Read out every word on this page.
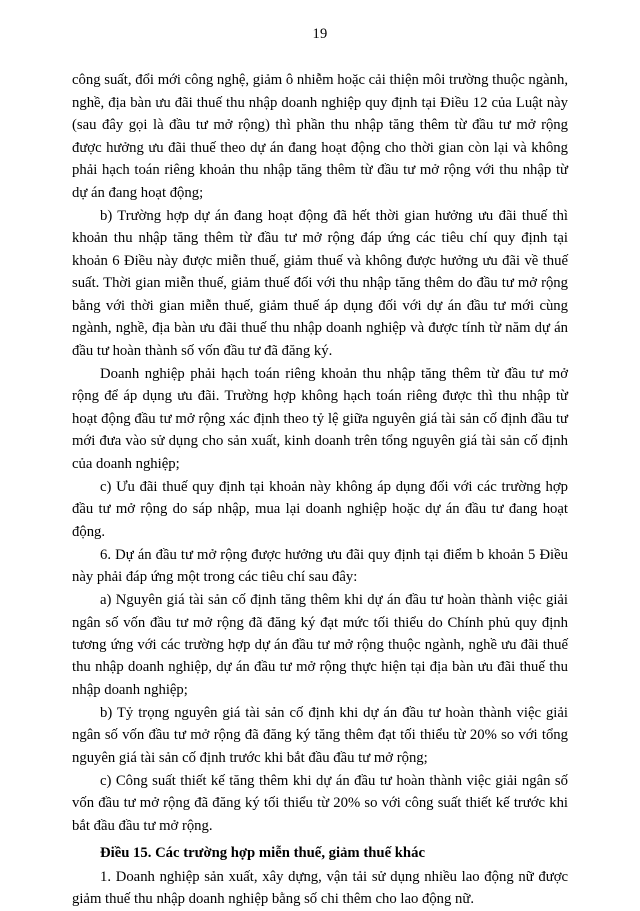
19

công suất, đổi mới công nghệ, giảm ô nhiễm hoặc cải thiện môi trường thuộc ngành, nghề, địa bàn ưu đãi thuế thu nhập doanh nghiệp quy định tại Điều 12 của Luật này (sau đây gọi là đầu tư mở rộng) thì phần thu nhập tăng thêm từ đầu tư mở rộng được hưởng ưu đãi thuế theo dự án đang hoạt động cho thời gian còn lại và không phải hạch toán riêng khoản thu nhập tăng thêm từ đầu tư mở rộng với thu nhập từ dự án đang hoạt động;

b) Trường hợp dự án đang hoạt động đã hết thời gian hưởng ưu đãi thuế thì khoản thu nhập tăng thêm từ đầu tư mở rộng đáp ứng các tiêu chí quy định tại khoản 6 Điều này được miễn thuế, giảm thuế và không được hưởng ưu đãi về thuế suất. Thời gian miễn thuế, giảm thuế đối với thu nhập tăng thêm do đầu tư mở rộng bằng với thời gian miễn thuế, giảm thuế áp dụng đối với dự án đầu tư mới cùng ngành, nghề, địa bàn ưu đãi thuế thu nhập doanh nghiệp và được tính từ năm dự án đầu tư hoàn thành số vốn đầu tư đã đăng ký.

Doanh nghiệp phải hạch toán riêng khoản thu nhập tăng thêm từ đầu tư mở rộng để áp dụng ưu đãi. Trường hợp không hạch toán riêng được thì thu nhập từ hoạt động đầu tư mở rộng xác định theo tỷ lệ giữa nguyên giá tài sản cố định đầu tư mới đưa vào sử dụng cho sản xuất, kinh doanh trên tổng nguyên giá tài sản cố định của doanh nghiệp;

c) Ưu đãi thuế quy định tại khoản này không áp dụng đối với các trường hợp đầu tư mở rộng do sáp nhập, mua lại doanh nghiệp hoặc dự án đầu tư đang hoạt động.

6. Dự án đầu tư mở rộng được hưởng ưu đãi quy định tại điểm b khoản 5 Điều này phải đáp ứng một trong các tiêu chí sau đây:

a) Nguyên giá tài sản cố định tăng thêm khi dự án đầu tư hoàn thành việc giải ngân số vốn đầu tư mở rộng đã đăng ký đạt mức tối thiểu do Chính phủ quy định tương ứng với các trường hợp dự án đầu tư mở rộng thuộc ngành, nghề ưu đãi thuế thu nhập doanh nghiệp, dự án đầu tư mở rộng thực hiện tại địa bàn ưu đãi thuế thu nhập doanh nghiệp;

b) Tỷ trọng nguyên giá tài sản cố định khi dự án đầu tư hoàn thành việc giải ngân số vốn đầu tư mở rộng đã đăng ký tăng thêm đạt tối thiểu từ 20% so với tổng nguyên giá tài sản cố định trước khi bắt đầu đầu tư mở rộng;

c) Công suất thiết kế tăng thêm khi dự án đầu tư hoàn thành việc giải ngân số vốn đầu tư mở rộng đã đăng ký tối thiểu từ 20% so với công suất thiết kế trước khi bắt đầu đầu tư mở rộng.

Điều 15. Các trường hợp miễn thuế, giảm thuế khác

1. Doanh nghiệp sản xuất, xây dựng, vận tải sử dụng nhiều lao động nữ được giảm thuế thu nhập doanh nghiệp bằng số chi thêm cho lao động nữ.
